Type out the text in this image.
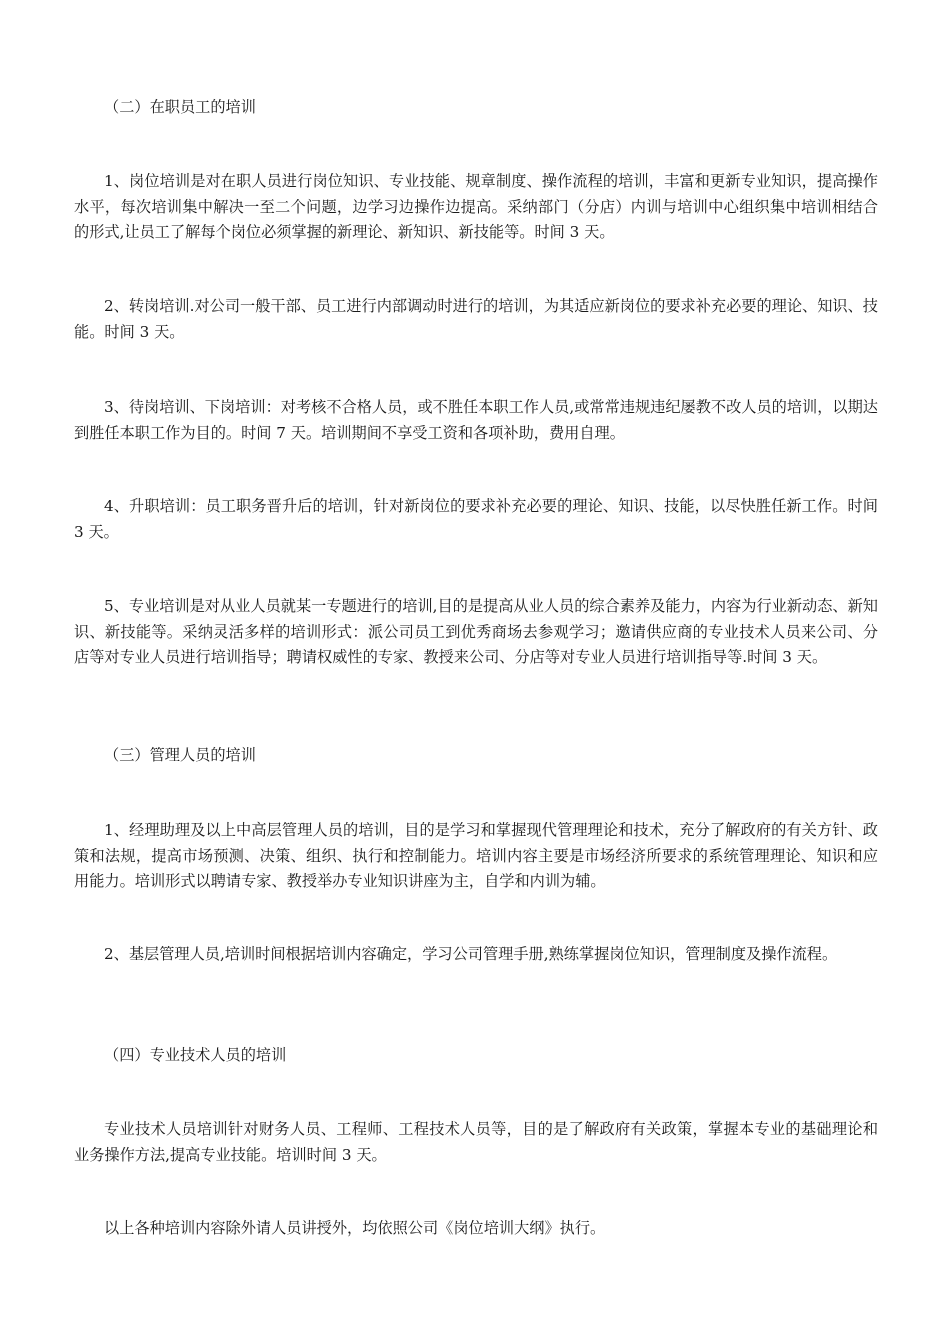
（二）在职员工的培训

1、岗位培训是对在职人员进行岗位知识、专业技能、规章制度、操作流程的培训，丰富和更新专业知识，提高操作水平，每次培训集中解决一至二个问题，边学习边操作边提高。采纳部门（分店）内训与培训中心组织集中培训相结合的形式,让员工了解每个岗位必须掌握的新理论、新知识、新技能等。时间 3 天。

2、转岗培训.对公司一般干部、员工进行内部调动时进行的培训，为其适应新岗位的要求补充必要的理论、知识、技能。时间 3 天。

3、待岗培训、下岗培训：对考核不合格人员，或不胜任本职工作人员,或常常违规违纪屡教不改人员的培训，以期达到胜任本职工作为目的。时间 7 天。培训期间不享受工资和各项补助，费用自理。

4、升职培训：员工职务晋升后的培训，针对新岗位的要求补充必要的理论、知识、技能，以尽快胜任新工作。时间 3 天。

5、专业培训是对从业人员就某一专题进行的培训,目的是提高从业人员的综合素养及能力，内容为行业新动态、新知识、新技能等。采纳灵活多样的培训形式：派公司员工到优秀商场去参观学习；邀请供应商的专业技术人员来公司、分店等对专业人员进行培训指导；聘请权威性的专家、教授来公司、分店等对专业人员进行培训指导等.时间 3 天。

（三）管理人员的培训

1、经理助理及以上中高层管理人员的培训，目的是学习和掌握现代管理理论和技术，充分了解政府的有关方针、政策和法规，提高市场预测、决策、组织、执行和控制能力。培训内容主要是市场经济所要求的系统管理理论、知识和应用能力。培训形式以聘请专家、教授举办专业知识讲座为主，自学和内训为辅。

2、基层管理人员,培训时间根据培训内容确定，学习公司管理手册,熟练掌握岗位知识，管理制度及操作流程。

（四）专业技术人员的培训

专业技术人员培训针对财务人员、工程师、工程技术人员等，目的是了解政府有关政策，掌握本专业的基础理论和业务操作方法,提高专业技能。培训时间 3 天。

以上各种培训内容除外请人员讲授外，均依照公司《岗位培训大纲》执行。
